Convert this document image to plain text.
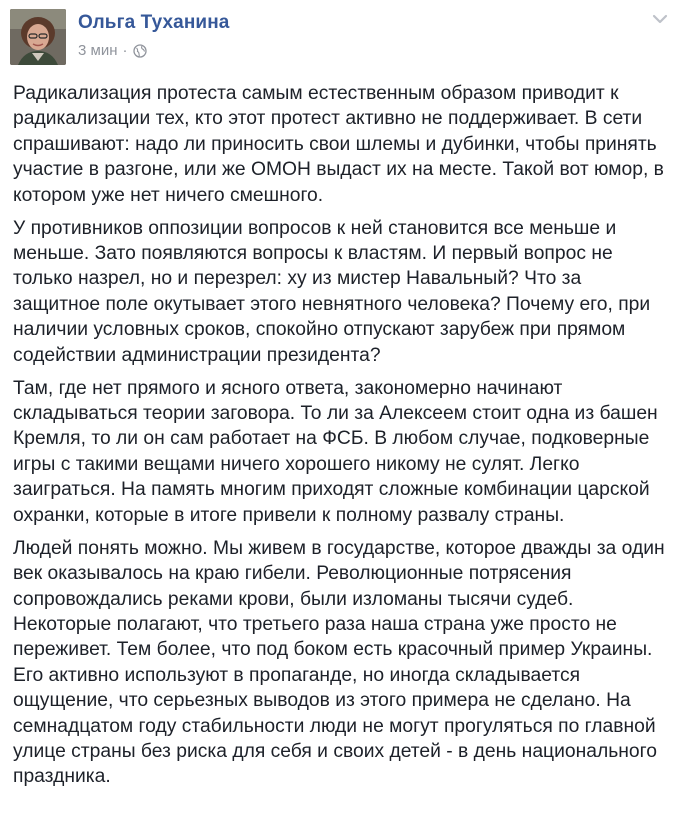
Ольга Туханина
3 мин ·

Радикализация протеста самым естественным образом приводит к
радикализации тех, кто этот протест активно не поддерживает. В сети
спрашивают: надо ли приносить свои шлемы и дубинки, чтобы принять
участие в разгоне, или же ОМОН выдаст их на месте. Такой вот юмор, в
котором уже нет ничего смешного.

У противников оппозиции вопросов к ней становится все меньше и
меньше. Зато появляются вопросы к властям. И первый вопрос не
только назрел, но и перезрел: ху из мистер Навальный? Что за
защитное поле окутывает этого невнятного человека? Почему его, при
наличии условных сроков, спокойно отпускают зарубеж при прямом
содействии администрации президента?

Там, где нет прямого и ясного ответа, закономерно начинают
складываться теории заговора. То ли за Алексеем стоит одна из башен
Кремля, то ли он сам работает на ФСБ. В любом случае, подковерные
игры с такими вещами ничего хорошего никому не сулят. Легко
заиграться. На память многим приходят сложные комбинации царской
охранки, которые в итоге привели к полному развалу страны.

Людей понять можно. Мы живем в государстве, которое дважды за один
век оказывалось на краю гибели. Революционные потрясения
сопровождались реками крови, были изломаны тысячи судеб.
Некоторые полагают, что третьего раза наша страна уже просто не
переживет. Тем более, что под боком есть красочный пример Украины.
Его активно используют в пропаганде, но иногда складывается
ощущение, что серьезных выводов из этого примера не сделано. На
семнадцатом году стабильности люди не могут прогуляться по главной
улице страны без риска для себя и своих детей - в день национального
праздника.
